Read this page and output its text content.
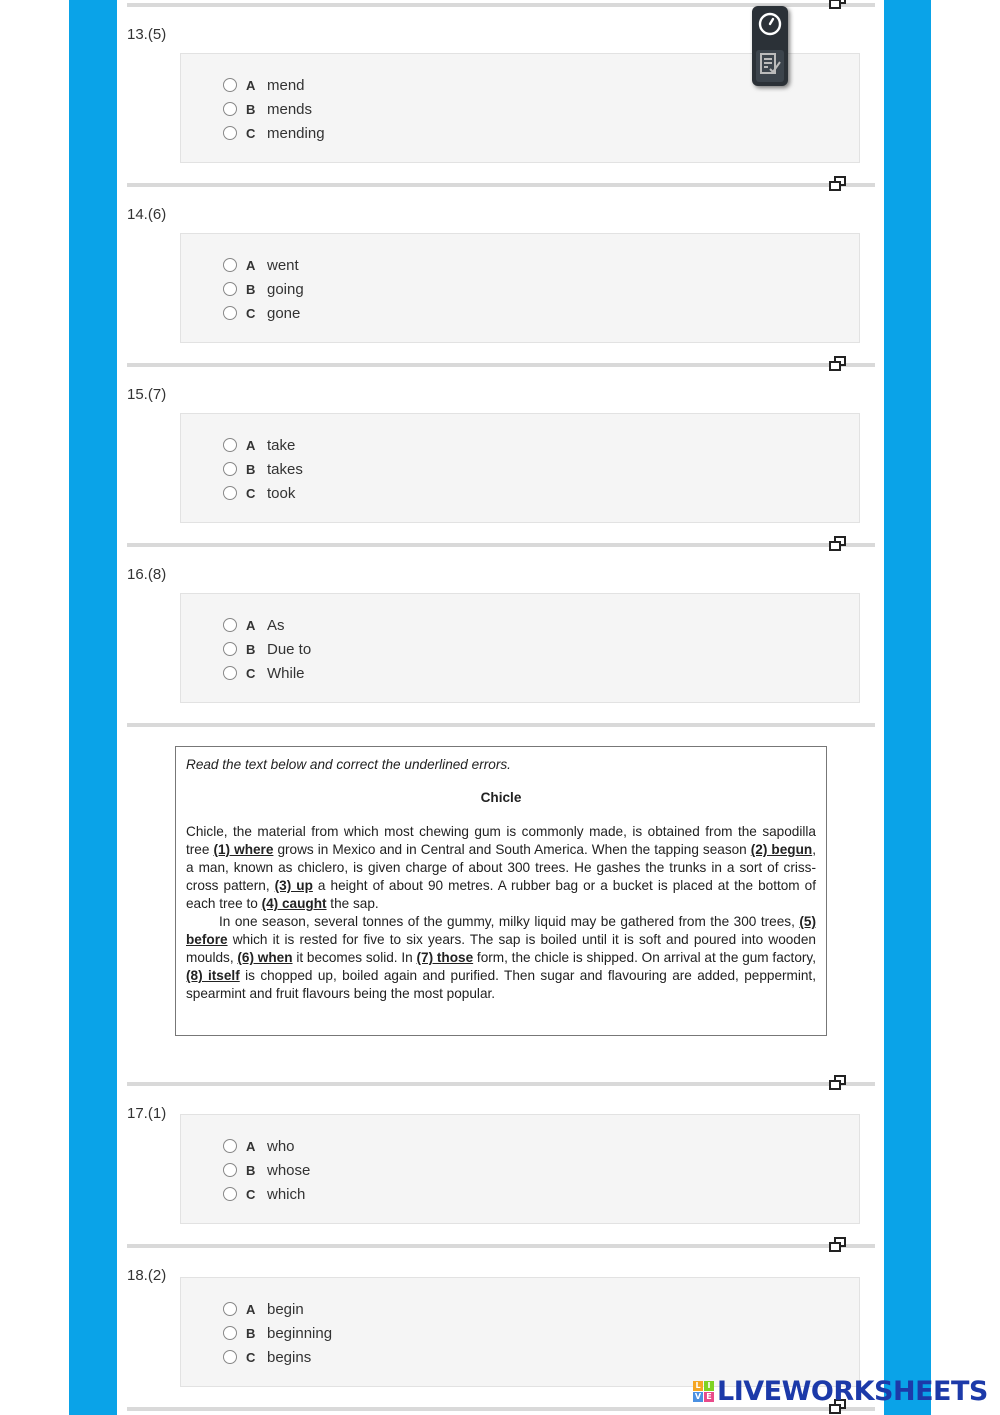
13.(5)
A mend
B mends
C mending
14.(6)
A went
B going
C gone
15.(7)
A take
B takes
C took
16.(8)
A As
B Due to
C While

Read the text below and correct the underlined errors.

Chicle

Chicle, the material from which most chewing gum is commonly made, is obtained from the sapodilla tree (1) where grows in Mexico and in Central and South America. When the tapping season (2) begun, a man, known as chiclero, is given charge of about 300 trees. He gashes the trunks in a sort of criss-cross pattern, (3) up a height of about 90 metres. A rubber bag or a bucket is placed at the bottom of each tree to (4) caught the sap.

In one season, several tonnes of the gummy, milky liquid may be gathered from the 300 trees, (5) before which it is rested for five to six years. The sap is boiled until it is soft and poured into wooden moulds, (6) when it becomes solid. In (7) those form, the chicle is shipped. On arrival at the gum factory, (8) itself is chopped up, boiled again and purified. Then sugar and flavouring are added, peppermint, spearmint and fruit flavours being the most popular.

17.(1)
A who
B whose
C which
18.(2)
A begin
B beginning
C begins
L I
V E LIVEWORKSHEETS
